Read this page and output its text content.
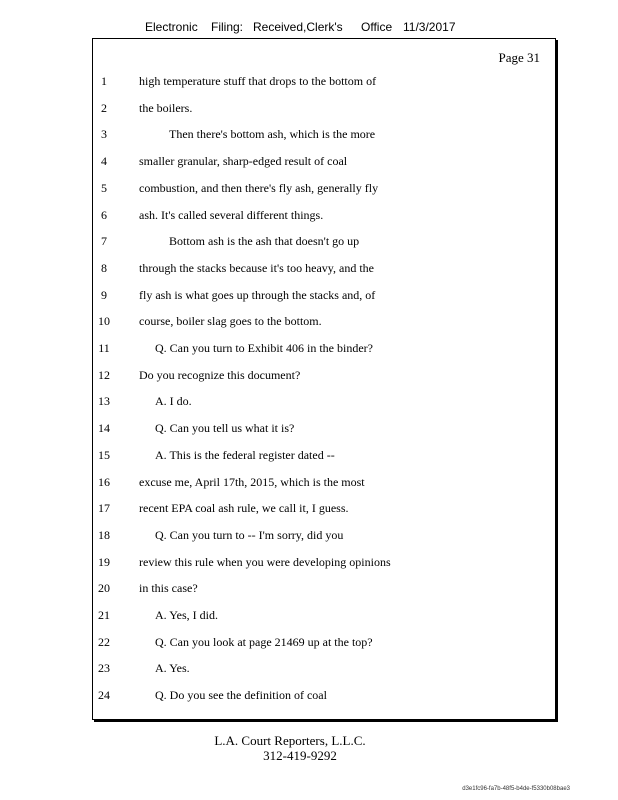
Electronic Filing: Received,Clerk's Office 11/3/2017
Page 31
1	high temperature stuff that drops to the bottom of
2	the boilers.
3	Then there's bottom ash, which is the more
4	smaller granular, sharp-edged result of coal
5	combustion, and then there's fly ash, generally fly
6	ash. It's called several different things.
7	Bottom ash is the ash that doesn't go up
8	through the stacks because it's too heavy, and the
9	fly ash is what goes up through the stacks and, of
10	course, boiler slag goes to the bottom.
11	Q. Can you turn to Exhibit 406 in the binder?
12	Do you recognize this document?
13	A. I do.
14	Q. Can you tell us what it is?
15	A. This is the federal register dated --
16	excuse me, April 17th, 2015, which is the most
17	recent EPA coal ash rule, we call it, I guess.
18	Q. Can you turn to -- I'm sorry, did you
19	review this rule when you were developing opinions
20	in this case?
21	A. Yes, I did.
22	Q. Can you look at page 21469 up at the top?
23	A. Yes.
24	Q. Do you see the definition of coal
L.A. Court Reporters, L.L.C.
312-419-9292
d3e1fc96-fa7b-48f5-b4de-f5330b08bae3
